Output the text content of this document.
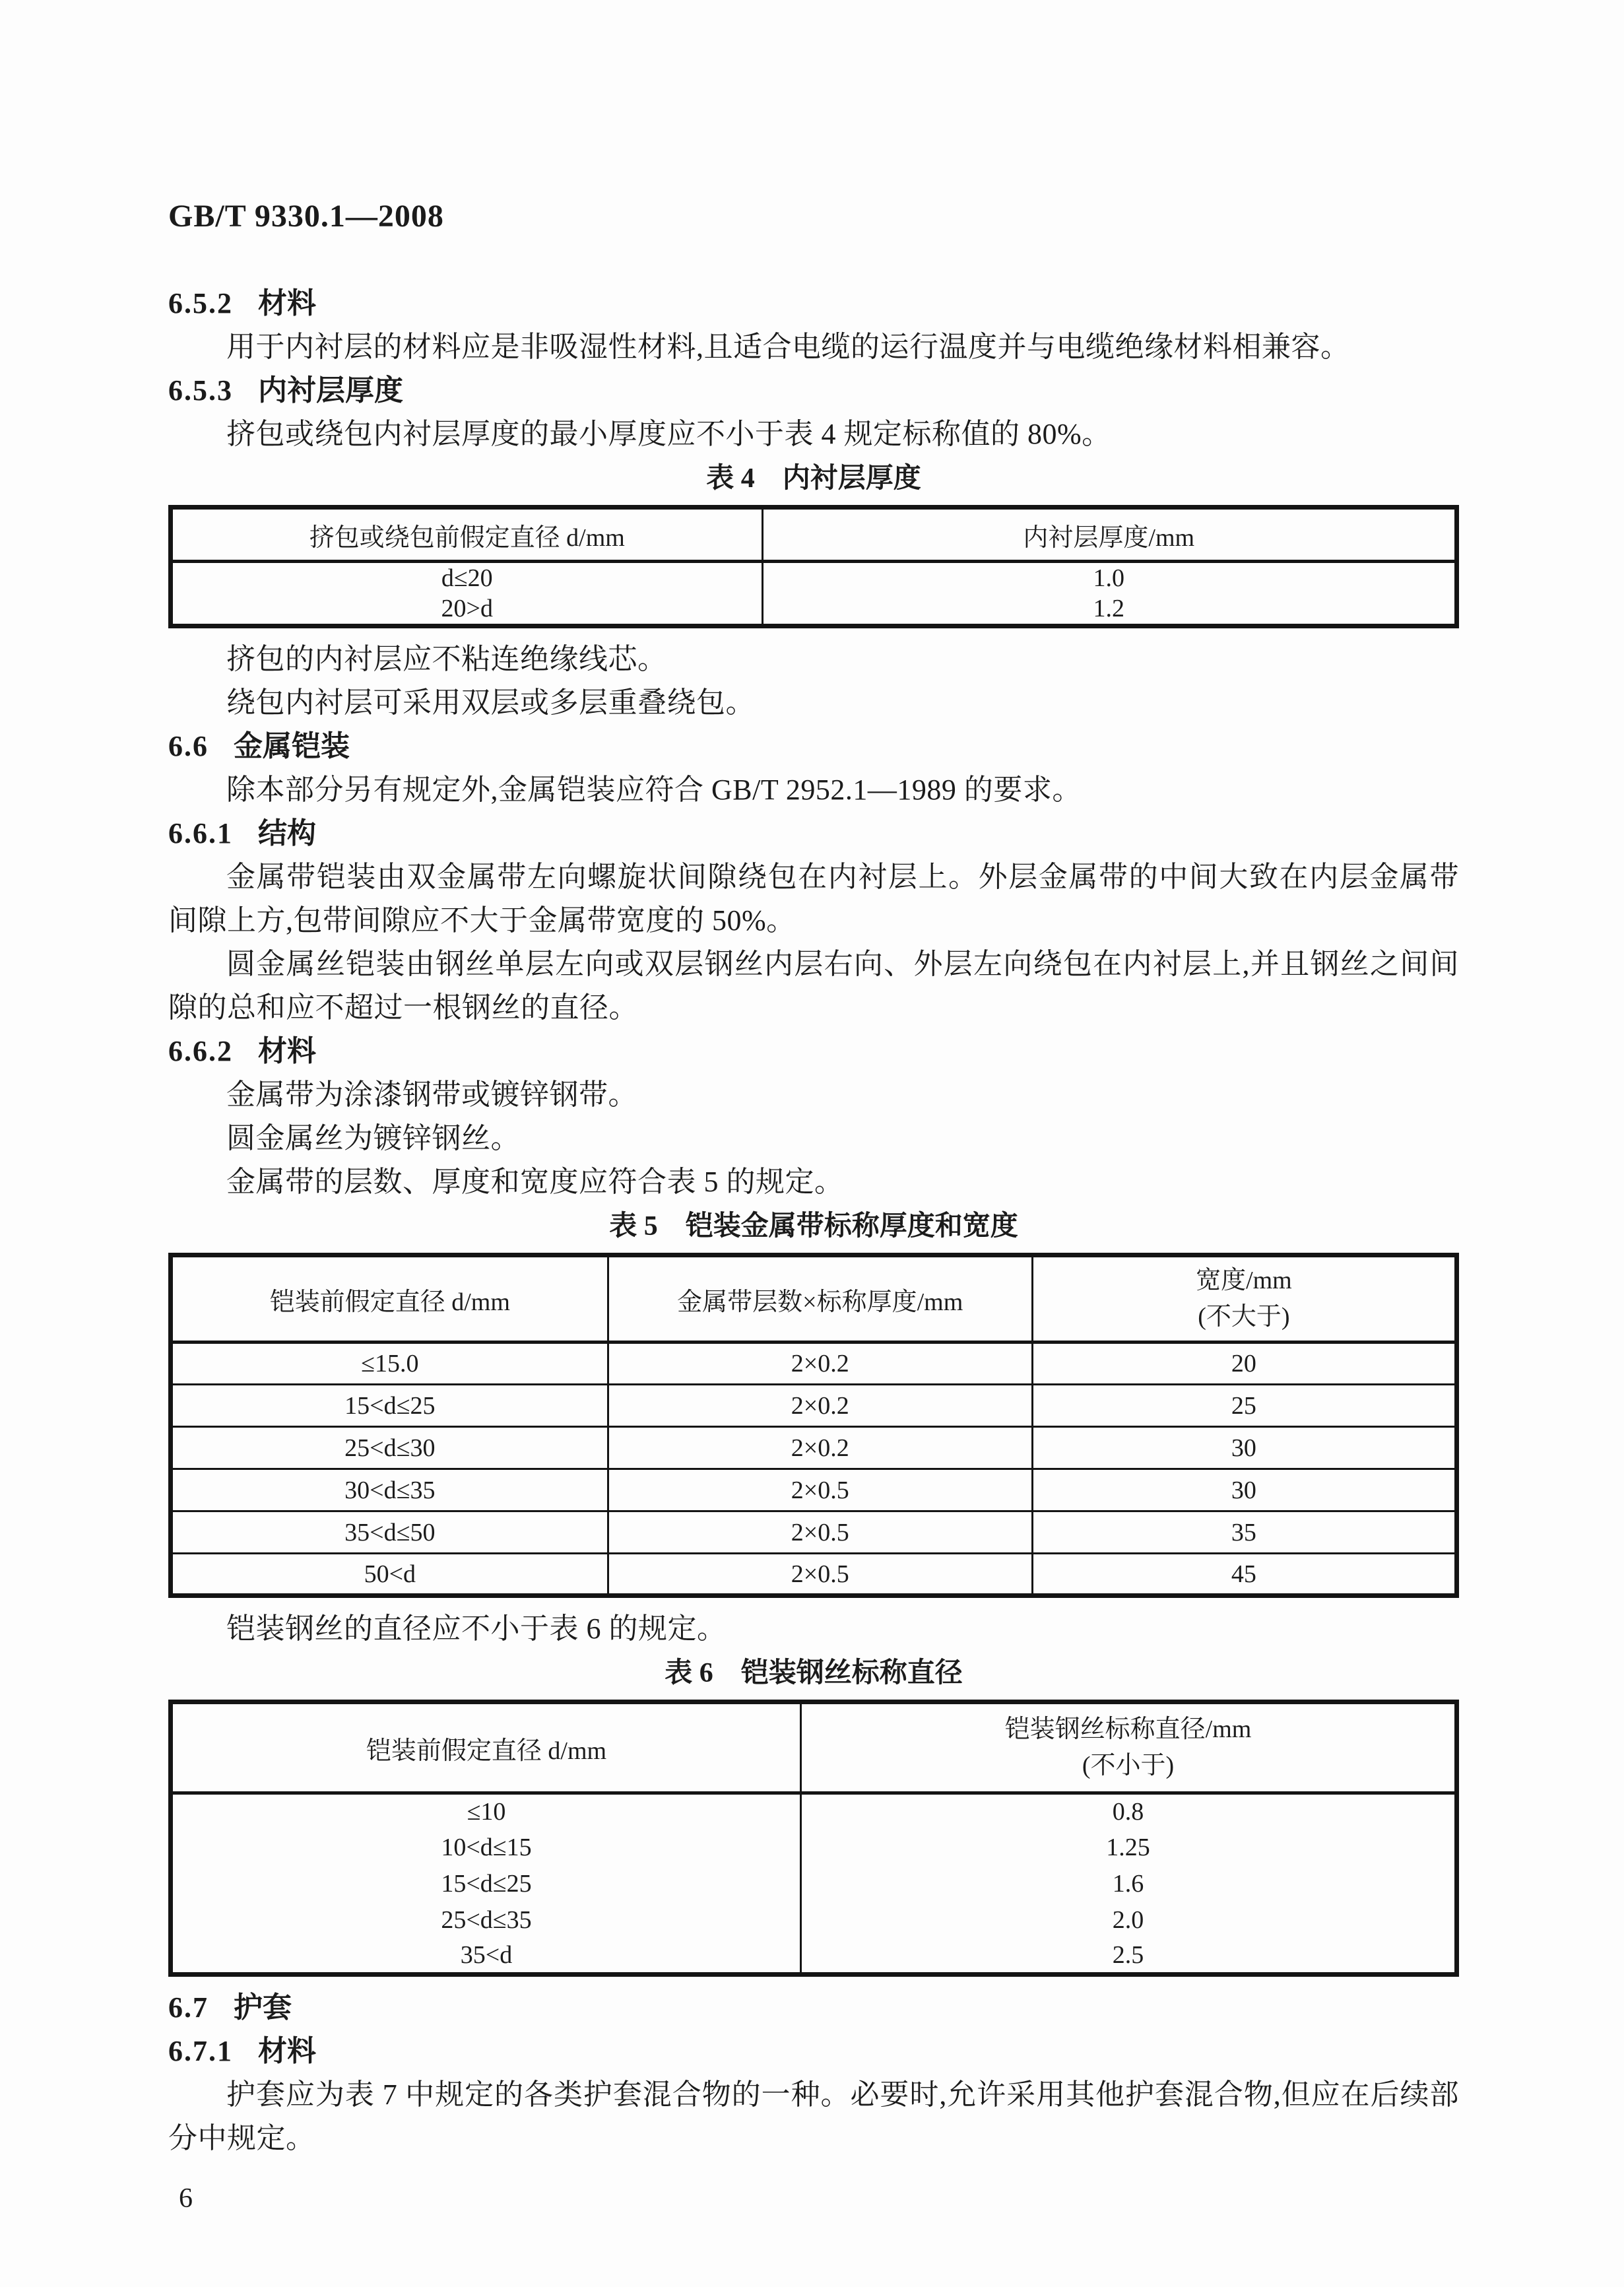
GB/T 9330.1—2008
6.5.2 材料

用于内衬层的材料应是非吸湿性材料,且适合电缆的运行温度并与电缆绝缘材料相兼容。

6.5.3 内衬层厚度

挤包或绕包内衬层厚度的最小厚度应不小于表 4 规定标称值的 80%。

表 4　内衬层厚度
挤包或绕包前假定直径 d/mm	内衬层厚度/mm
d≤20	1.0
20>d	1.2

挤包的内衬层应不粘连绝缘线芯。

绕包内衬层可采用双层或多层重叠绕包。

6.6 金属铠装

除本部分另有规定外,金属铠装应符合 GB/T 2952.1—1989 的要求。

6.6.1 结构

金属带铠装由双金属带左向螺旋状间隙绕包在内衬层上。外层金属带的中间大致在内层金属带间隙上方,包带间隙应不大于金属带宽度的 50%。

圆金属丝铠装由钢丝单层左向或双层钢丝内层右向、外层左向绕包在内衬层上,并且钢丝之间间隙的总和应不超过一根钢丝的直径。

6.6.2 材料

金属带为涂漆钢带或镀锌钢带。

圆金属丝为镀锌钢丝。

金属带的层数、厚度和宽度应符合表 5 的规定。

表 5　铠装金属带标称厚度和宽度
铠装前假定直径 d/mm	金属带层数×标称厚度/mm	宽度/mm
(不大于)

≤15.0	2×0.2	20
15<d≤25	2×0.2	25
25<d≤30	2×0.2	30
30<d≤35	2×0.5	30
35<d≤50	2×0.5	35
50<d	2×0.5	45

铠装钢丝的直径应不小于表 6 的规定。

表 6　铠装钢丝标称直径
铠装前假定直径 d/mm	铠装钢丝标称直径/mm
(不小于)

≤10	0.8
10<d≤15	1.25
15<d≤25	1.6
25<d≤35	2.0
35<d	2.5
6.7 护套
6.7.1 材料

护套应为表 7 中规定的各类护套混合物的一种。必要时,允许采用其他护套混合物,但应在后续部分中规定。

6
